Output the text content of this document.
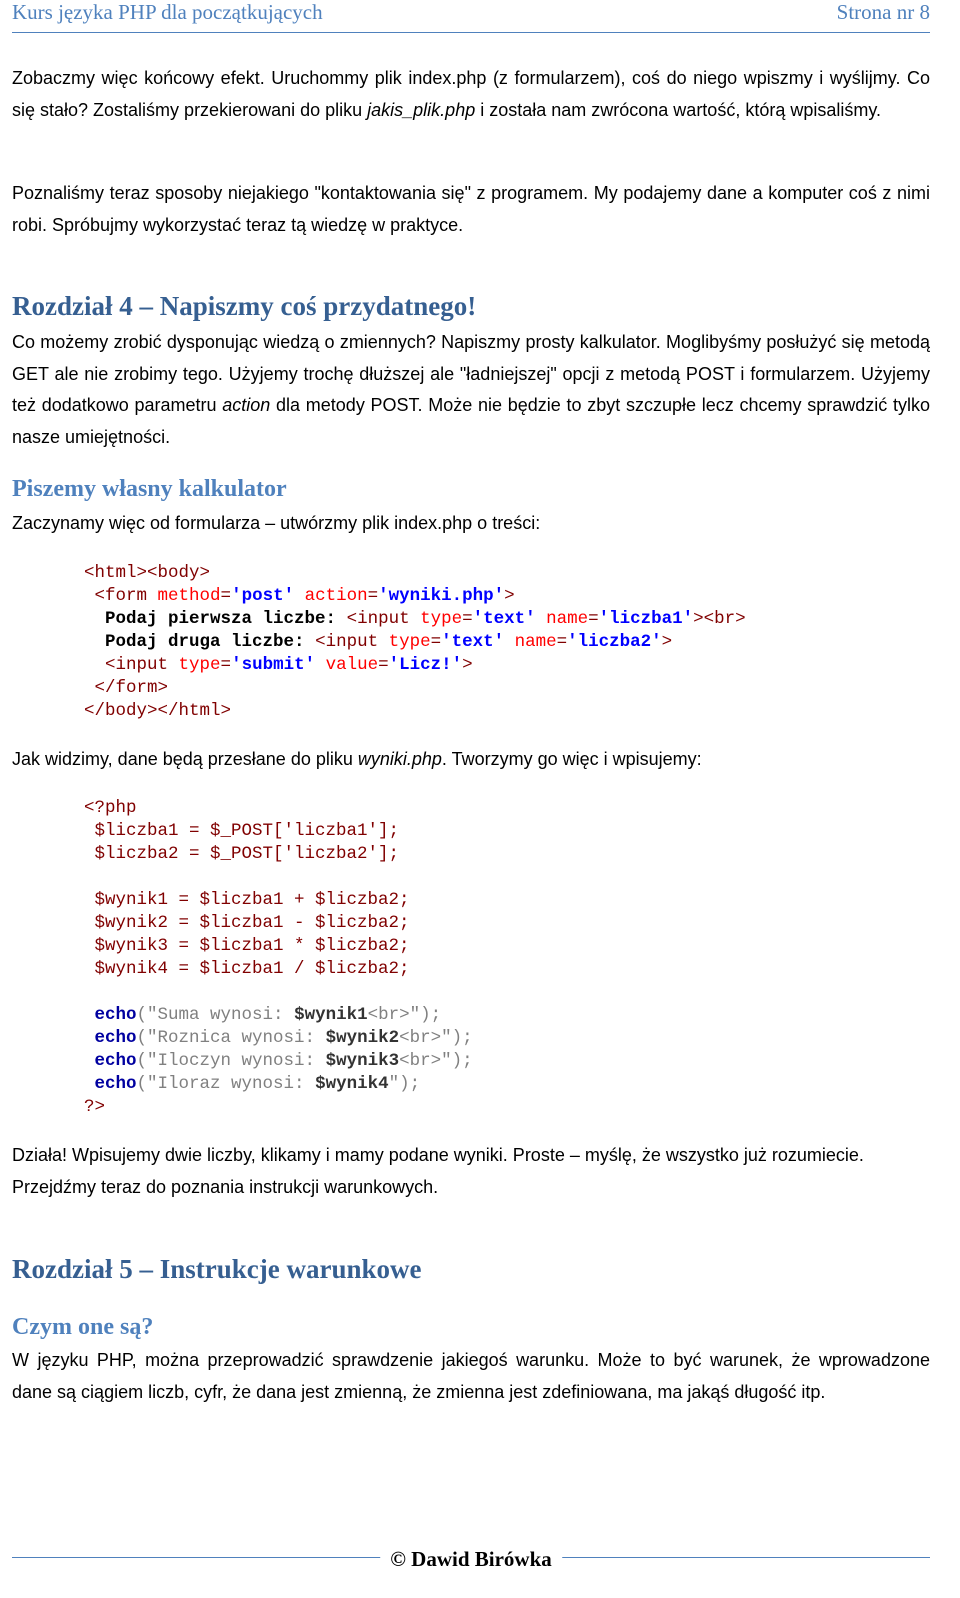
Kurs języka PHP dla początkujących	Strona nr 8

Zobaczmy więc końcowy efekt. Uruchommy plik index.php (z formularzem), coś do niego wpiszmy i wyślijmy. Co się stało? Zostaliśmy przekierowani do pliku jakis_plik.php i została nam zwrócona wartość, którą wpisaliśmy.

Poznaliśmy teraz sposoby niejakiego "kontaktowania się" z programem. My podajemy dane a komputer coś z nimi robi. Spróbujmy wykorzystać teraz tą wiedzę w praktyce.

Rozdział 4 – Napiszmy coś przydatnego!

Co możemy zrobić dysponując wiedzą o zmiennych? Napiszmy prosty kalkulator. Moglibyśmy posłużyć się metodą GET ale nie zrobimy tego. Użyjemy trochę dłuższej ale "ładniejszej" opcji z metodą POST i formularzem. Użyjemy też dodatkowo parametru action dla metody POST. Może nie będzie to zbyt szczupłe lecz chcemy sprawdzić tylko nasze umiejętności.

Piszemy własny kalkulator

Zaczynamy więc od formularza – utwórzmy plik index.php o treści:

<html><body>
<form method='post' action='wyniki.php'>
Podaj pierwsza liczbe: <input type='text' name='liczba1'><br>
Podaj druga liczbe: <input type='text' name='liczba2'>
<input type='submit' value='Licz!'>
</form>
</body></html>

Jak widzimy, dane będą przesłane do pliku wyniki.php. Tworzymy go więc i wpisujemy:

<?php
$liczba1 = $_POST['liczba1'];
$liczba2 = $_POST['liczba2'];

$wynik1 = $liczba1 + $liczba2;
$wynik2 = $liczba1 - $liczba2;
$wynik3 = $liczba1 * $liczba2;
$wynik4 = $liczba1 / $liczba2;

echo("Suma wynosi: $wynik1<br>");
echo("Roznica wynosi: $wynik2<br>");
echo("Iloczyn wynosi: $wynik3<br>");
echo("Iloraz wynosi: $wynik4");
?>

Działa! Wpisujemy dwie liczby, klikamy i mamy podane wyniki. Proste – myślę, że wszystko już rozumiecie. Przejdźmy teraz do poznania instrukcji warunkowych.

Rozdział 5 – Instrukcje warunkowe
Czym one są?

W języku PHP, można przeprowadzić sprawdzenie jakiegoś warunku. Może to być warunek, że wprowadzone dane są ciągiem liczb, cyfr, że dana jest zmienną, że zmienna jest zdefiniowana, ma jakąś długość itp.

© Dawid Birówka
